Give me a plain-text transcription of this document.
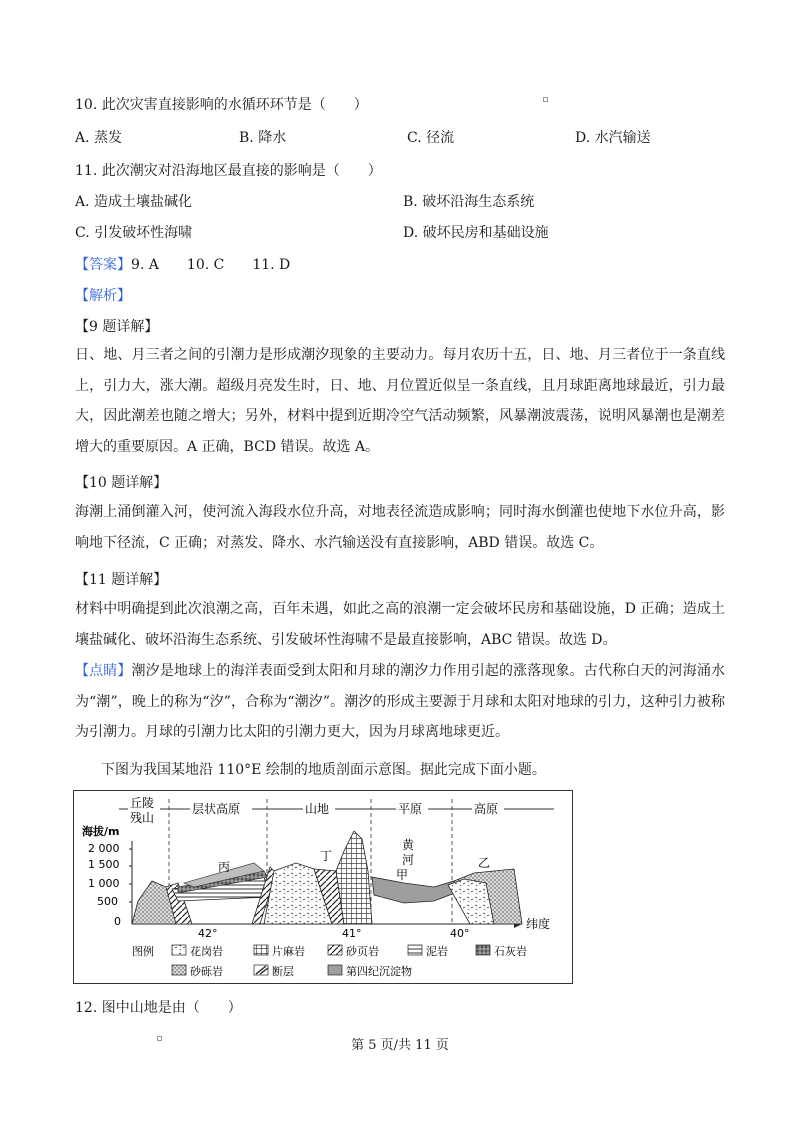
10. 此次灾害直接影响的水循环环节是（　　）
A. 蒸发	B. 降水	C. 径流	D. 水汽输送
11. 此次潮灾对沿海地区最直接的影响是（　　）
A. 造成土壤盐碱化	B. 破坏沿海生态系统
C. 引发破坏性海啸	D. 破坏民房和基础设施
【答案】9. A　　10. C　　11. D
【解析】
【9 题详解】
日、地、月三者之间的引潮力是形成潮汐现象的主要动力。每月农历十五，日、地、月三者位于一条直线上，引力大，涨大潮。超级月亮发生时，日、地、月位置近似呈一条直线，且月球距离地球最近，引力最大，因此潮差也随之增大；另外，材料中提到近期冷空气活动频繁，风暴潮波震荡，说明风暴潮也是潮差增大的重要原因。A 正确，BCD 错误。故选 A。
【10 题详解】
海潮上涌倒灌入河，使河流入海段水位升高，对地表径流造成影响；同时海水倒灌也使地下水位升高，影响地下径流，C 正确；对蒸发、降水、水汽输送没有直接影响，ABD 错误。故选 C。
【11 题详解】
材料中明确提到此次浪潮之高，百年未遇，如此之高的浪潮一定会破坏民房和基础设施，D 正确；造成土壤盐碱化、破坏沿海生态系统、引发破坏性海啸不是最直接影响，ABC 错误。故选 D。
【点睛】潮汐是地球上的海洋表面受到太阳和月球的潮汐力作用引起的涨落现象。古代称白天的河海涌水为“潮”，晚上的称为“汐”，合称为“潮汐”。潮汐的形成主要源于月球和太阳对地球的引力，这种引力被称为引潮力。月球的引潮力比太阳的引潮力更大，因为月球离地球更近。
下图为我国某地沿 110°E 绘制的地质剖面示意图。据此完成下面小题。
丘陵
残山
层状高原	山地	平原	高原
海拔/m
2 000
1 500
1 000
500
0
丙
丁
甲
乙
黄
河
42°	41°	40°
纬度
图例	花岗岩	片麻岩	砂页岩	泥岩	石灰岩
砂砾岩	断层	第四纪沉淀物
12. 图中山地是由（　　）
第 5 页/共 11 页
